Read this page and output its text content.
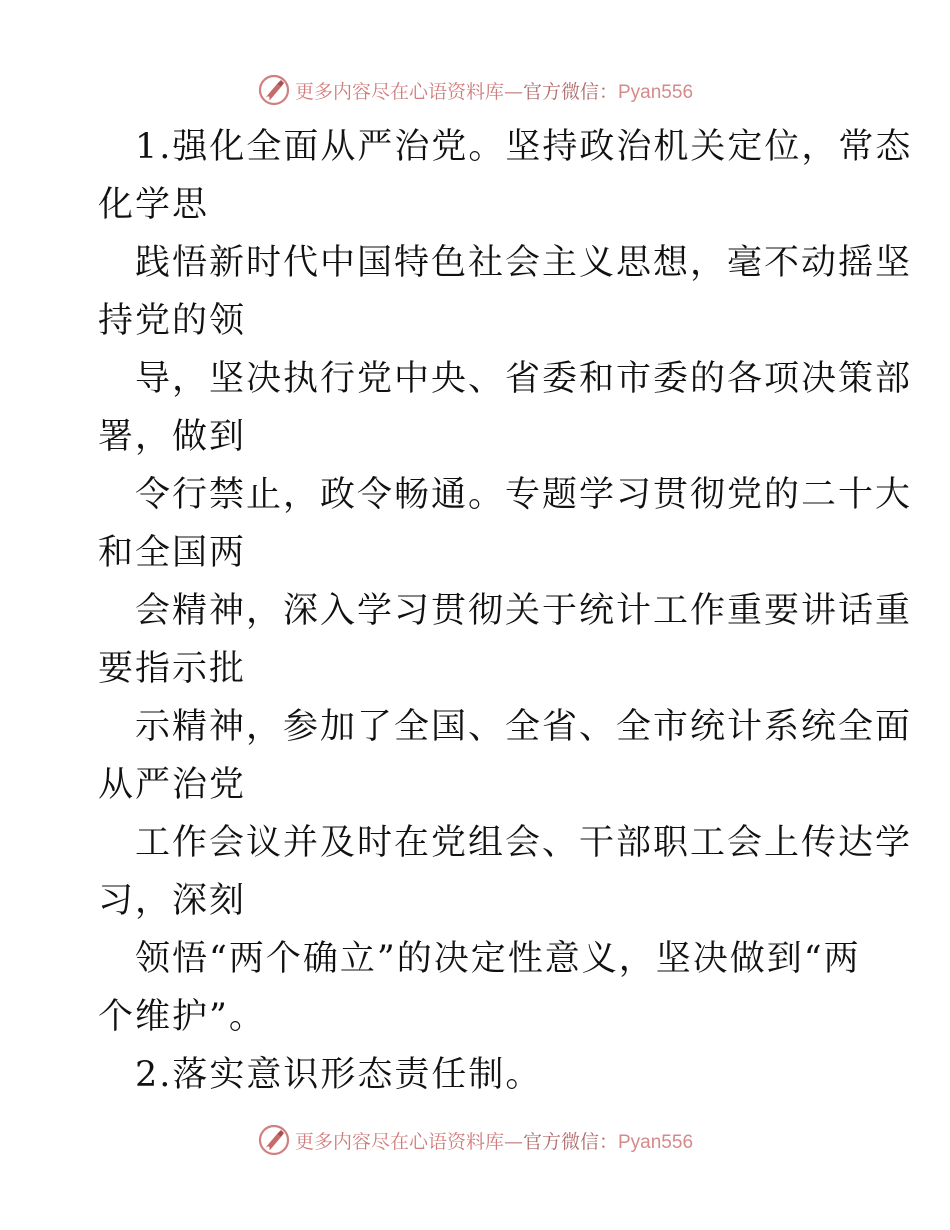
更多内容尽在心语资料库—官方微信：Pyan556
1.强化全面从严治党。坚持政治机关定位，常态
化学思
践悟新时代中国特色社会主义思想，毫不动摇坚
持党的领
导，坚决执行党中央、省委和市委的各项决策部
署，做到
令行禁止，政令畅通。专题学习贯彻党的二十大
和全国两
会精神，深入学习贯彻关于统计工作重要讲话重
要指示批
示精神，参加了全国、全省、全市统计系统全面
从严治党
工作会议并及时在党组会、干部职工会上传达学
习，深刻
领悟“两个确立”的决定性意义，坚决做到“两
个维护”。
2.落实意识形态责任制。
更多内容尽在心语资料库—官方微信：Pyan556
